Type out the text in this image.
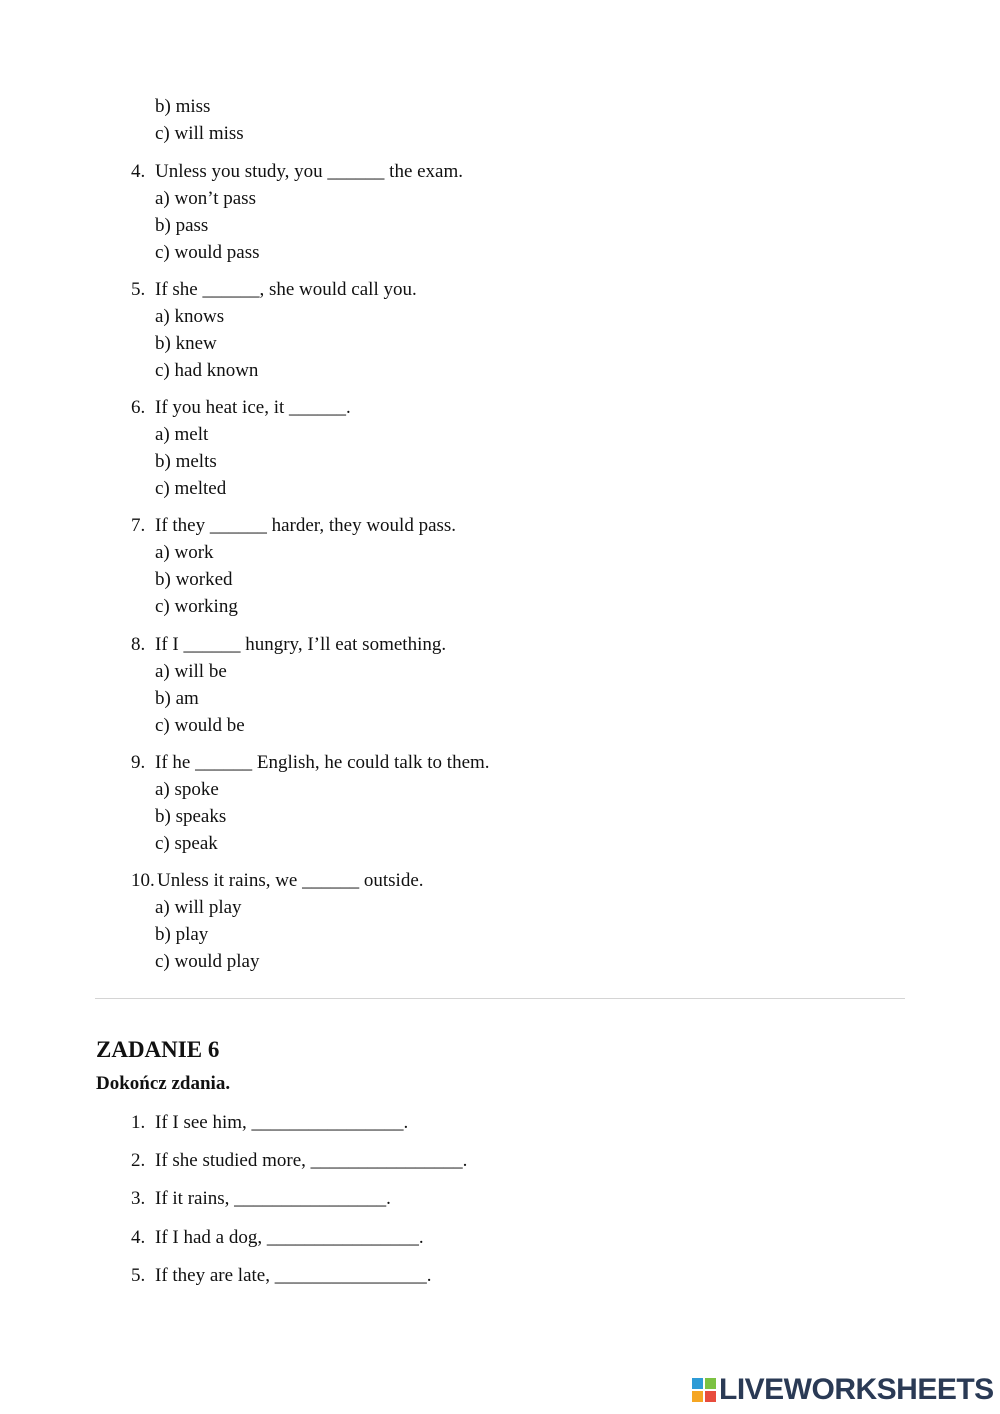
b) miss
c) will miss
4. Unless you study, you ______ the exam.
a) won’t pass
b) pass
c) would pass
5. If she ______, she would call you.
a) knows
b) knew
c) had known
6. If you heat ice, it ______.
a) melt
b) melts
c) melted
7. If they ______ harder, they would pass.
a) work
b) worked
c) working
8. If I ______ hungry, I’ll eat something.
a) will be
b) am
c) would be
9. If he ______ English, he could talk to them.
a) spoke
b) speaks
c) speak
10. Unless it rains, we ______ outside.
a) will play
b) play
c) would play
ZADANIE 6
Dokończ zdania.
1. If I see him, ________________.
2. If she studied more, ________________.
3. If it rains, ________________.
4. If I had a dog, ________________.
5. If they are late, ________________.
LIVEWORKSHEETS
